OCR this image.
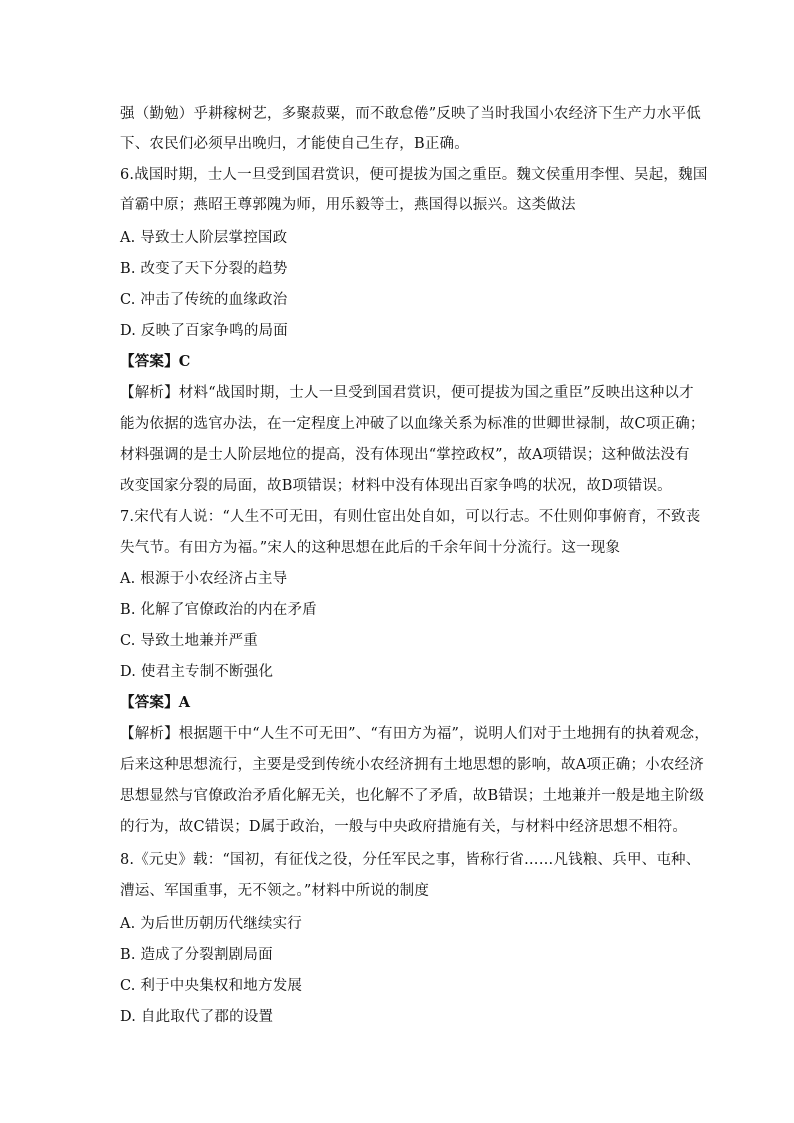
强（勤勉）乎耕稼树艺，多聚菽粟，而不敢怠倦”反映了当时我国小农经济下生产力水平低
下、农民们必须早出晚归，才能使自己生存，B正确。
6.战国时期，士人一旦受到国君赏识，便可提拔为国之重臣。魏文侯重用李悝、吴起，魏国
首霸中原；燕昭王尊郭隗为师，用乐毅等士，燕国得以振兴。这类做法
A. 导致士人阶层掌控国政
B. 改变了天下分裂的趋势
C. 冲击了传统的血缘政治
D. 反映了百家争鸣的局面
【答案】C
【解析】材料“战国时期，士人一旦受到国君赏识，便可提拔为国之重臣”反映出这种以才
能为依据的选官办法，在一定程度上冲破了以血缘关系为标准的世卿世禄制，故C项正确；
材料强调的是士人阶层地位的提高，没有体现出“掌控政权”，故A项错误；这种做法没有
改变国家分裂的局面，故B项错误；材料中没有体现出百家争鸣的状况，故D项错误。
7.宋代有人说：“人生不可无田，有则仕宦出处自如，可以行志。不仕则仰事俯育，不致丧
失气节。有田方为福。”宋人的这种思想在此后的千余年间十分流行。这一现象
A. 根源于小农经济占主导
B. 化解了官僚政治的内在矛盾
C. 导致土地兼并严重
D. 使君主专制不断强化
【答案】A
【解析】根据题干中“人生不可无田”、“有田方为福”，说明人们对于土地拥有的执着观念，
后来这种思想流行，主要是受到传统小农经济拥有土地思想的影响，故A项正确；小农经济
思想显然与官僚政治矛盾化解无关，也化解不了矛盾，故B错误；土地兼并一般是地主阶级
的行为，故C错误；D属于政治，一般与中央政府措施有关，与材料中经济思想不相符。
8.《元史》载：“国初，有征伐之役，分任军民之事，皆称行省……凡钱粮、兵甲、屯种、
漕运、军国重事，无不领之。”材料中所说的制度
A. 为后世历朝历代继续实行
B. 造成了分裂割剧局面
C. 利于中央集权和地方发展
D. 自此取代了郡的设置
